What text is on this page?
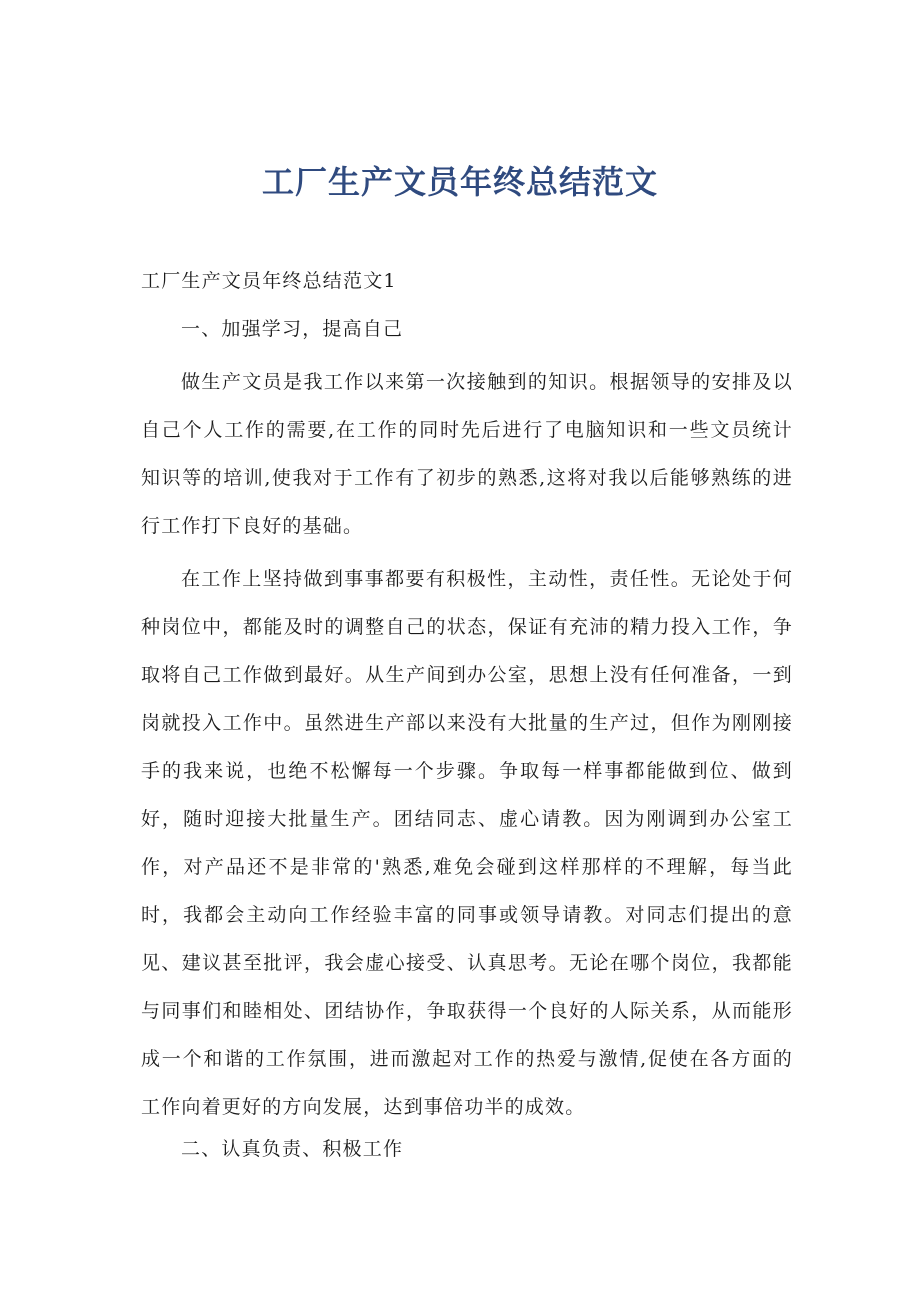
工厂生产文员年终总结范文
工厂生产文员年终总结范文1
一、加强学习，提高自己
做生产文员是我工作以来第一次接触到的知识。根据领导的安排及以自己个人工作的需要,在工作的同时先后进行了电脑知识和一些文员统计知识等的培训,使我对于工作有了初步的熟悉,这将对我以后能够熟练的进行工作打下良好的基础。
在工作上坚持做到事事都要有积极性，主动性，责任性。无论处于何种岗位中，都能及时的调整自己的状态，保证有充沛的精力投入工作，争取将自己工作做到最好。从生产间到办公室，思想上没有任何准备，一到岗就投入工作中。虽然进生产部以来没有大批量的生产过，但作为刚刚接手的我来说，也绝不松懈每一个步骤。争取每一样事都能做到位、做到好，随时迎接大批量生产。团结同志、虚心请教。因为刚调到办公室工作，对产品还不是非常的'熟悉,难免会碰到这样那样的不理解，每当此时，我都会主动向工作经验丰富的同事或领导请教。对同志们提出的意见、建议甚至批评，我会虚心接受、认真思考。无论在哪个岗位，我都能与同事们和睦相处、团结协作，争取获得一个良好的人际关系，从而能形成一个和谐的工作氛围，进而激起对工作的热爱与激情,促使在各方面的工作向着更好的方向发展，达到事倍功半的成效。
二、认真负责、积极工作
